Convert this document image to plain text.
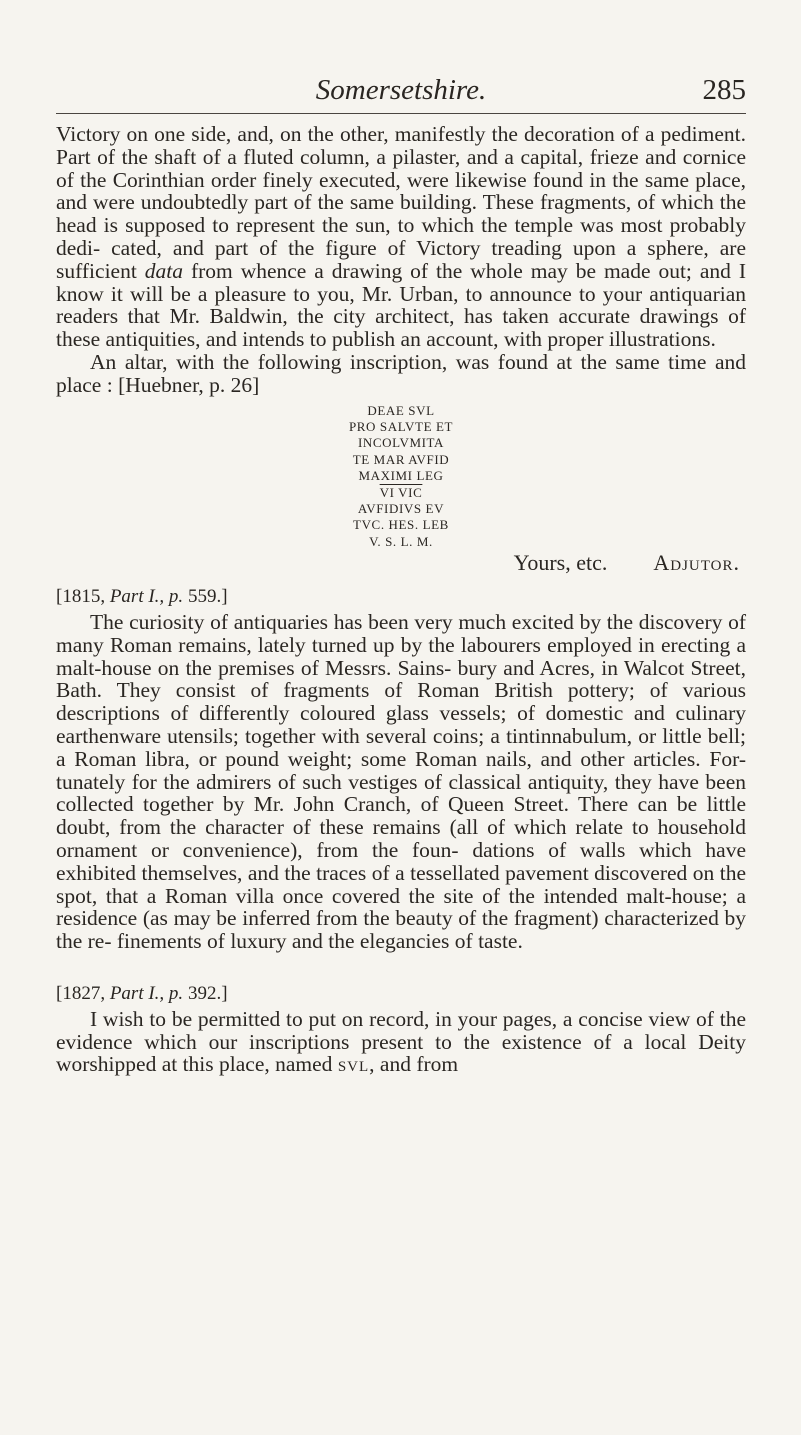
Somersetshire.	285

Victory on one side, and, on the other, manifestly the decoration of a pediment. Part of the shaft of a fluted column, a pilaster, and a capital, frieze and cornice of the Corinthian order finely executed, were likewise found in the same place, and were undoubtedly part of the same building. These fragments, of which the head is supposed to represent the sun, to which the temple was most probably dedi- cated, and part of the figure of Victory treading upon a sphere, are sufficient data from whence a drawing of the whole may be made out; and I know it will be a pleasure to you, Mr. Urban, to announce to your antiquarian readers that Mr. Baldwin, the city architect, has taken accurate drawings of these antiquities, and intends to publish an account, with proper illustrations.

An altar, with the following inscription, was found at the same time and place : [Huebner, p. 26]

DEAE SVL
PRO SALVTE ET
INCOLVMITA
TE MAR AVFID
MAXIMI LEG
VI VIC
AVFIDIVS EV
TVC. HES. LEB
V. S. L. M.
Yours, etc. Adjutor.

[1815, Part I., p. 559.]

The curiosity of antiquaries has been very much excited by the discovery of many Roman remains, lately turned up by the labourers employed in erecting a malt-house on the premises of Messrs. Sains- bury and Acres, in Walcot Street, Bath. They consist of fragments of Roman British pottery; of various descriptions of differently coloured glass vessels; of domestic and culinary earthenware utensils; together with several coins; a tintinnabulum, or little bell; a Roman libra, or pound weight; some Roman nails, and other articles. For- tunately for the admirers of such vestiges of classical antiquity, they have been collected together by Mr. John Cranch, of Queen Street. There can be little doubt, from the character of these remains (all of which relate to household ornament or convenience), from the foun- dations of walls which have exhibited themselves, and the traces of a tessellated pavement discovered on the spot, that a Roman villa once covered the site of the intended malt-house; a residence (as may be inferred from the beauty of the fragment) characterized by the re- finements of luxury and the elegancies of taste.

[1827, Part I., p. 392.]

I wish to be permitted to put on record, in your pages, a concise view of the evidence which our inscriptions present to the existence of a local Deity worshipped at this place, named svl, and from
